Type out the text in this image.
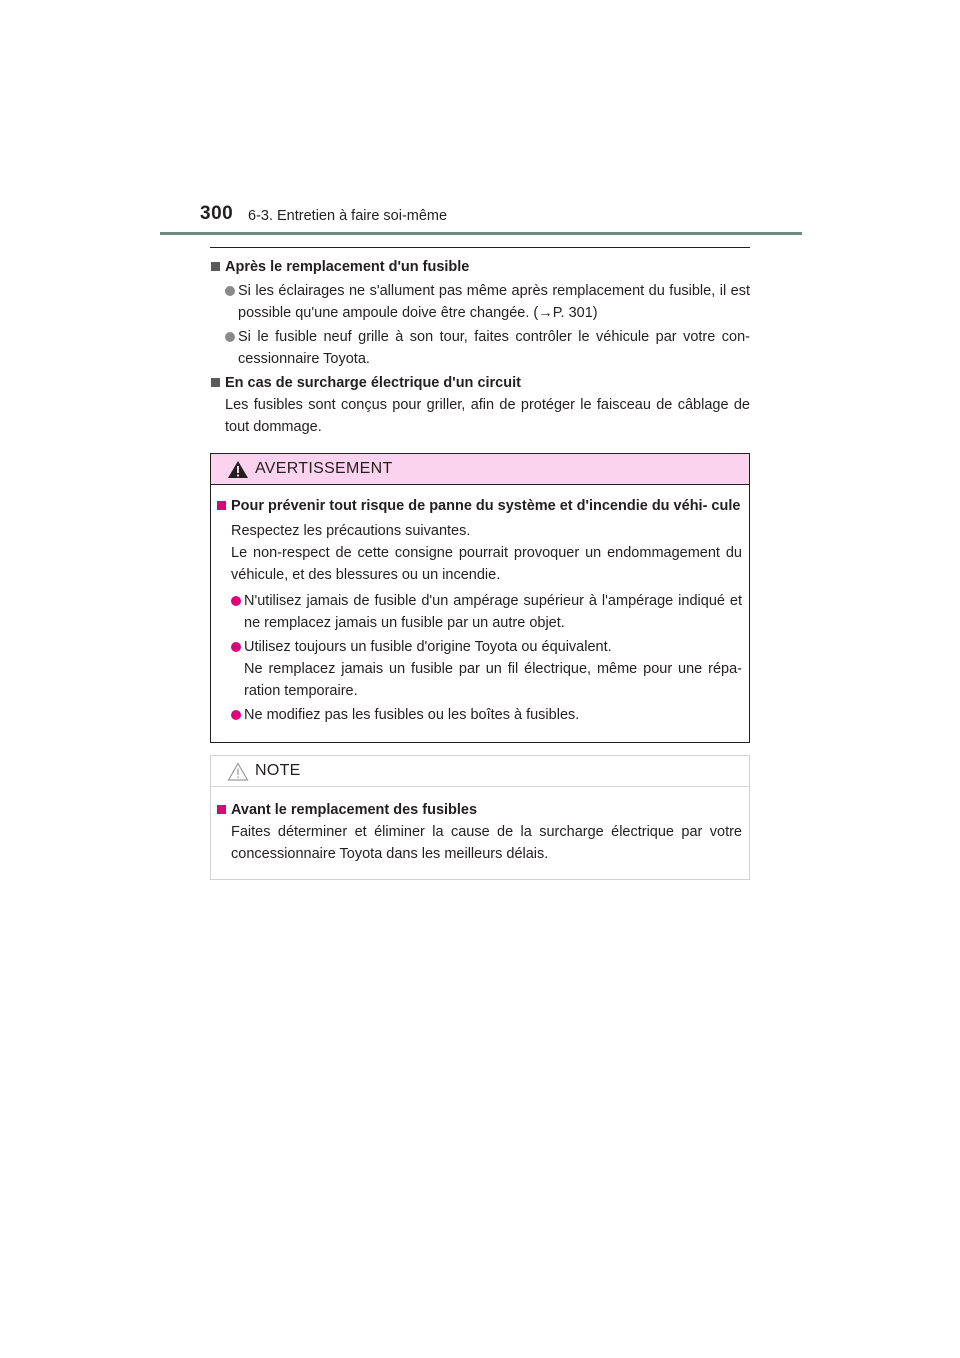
300 6-3. Entretien à faire soi-même
Après le remplacement d'un fusible
Si les éclairages ne s'allument pas même après remplacement du fusible, il est possible qu'une ampoule doive être changée. (→P. 301)
Si le fusible neuf grille à son tour, faites contrôler le véhicule par votre con- cessionnaire Toyota.
En cas de surcharge électrique d'un circuit
Les fusibles sont conçus pour griller, afin de protéger le faisceau de câblage de tout dommage.
AVERTISSEMENT
Pour prévenir tout risque de panne du système et d'incendie du véhi- cule
Respectez les précautions suivantes.
Le non-respect de cette consigne pourrait provoquer un endommagement du véhicule, et des blessures ou un incendie.
N'utilisez jamais de fusible d'un ampérage supérieur à l'ampérage indiqué et ne remplacez jamais un fusible par un autre objet.
Utilisez toujours un fusible d'origine Toyota ou équivalent.
Ne remplacez jamais un fusible par un fil électrique, même pour une répa- ration temporaire.
Ne modifiez pas les fusibles ou les boîtes à fusibles.
NOTE
Avant le remplacement des fusibles
Faites déterminer et éliminer la cause de la surcharge électrique par votre concessionnaire Toyota dans les meilleurs délais.
